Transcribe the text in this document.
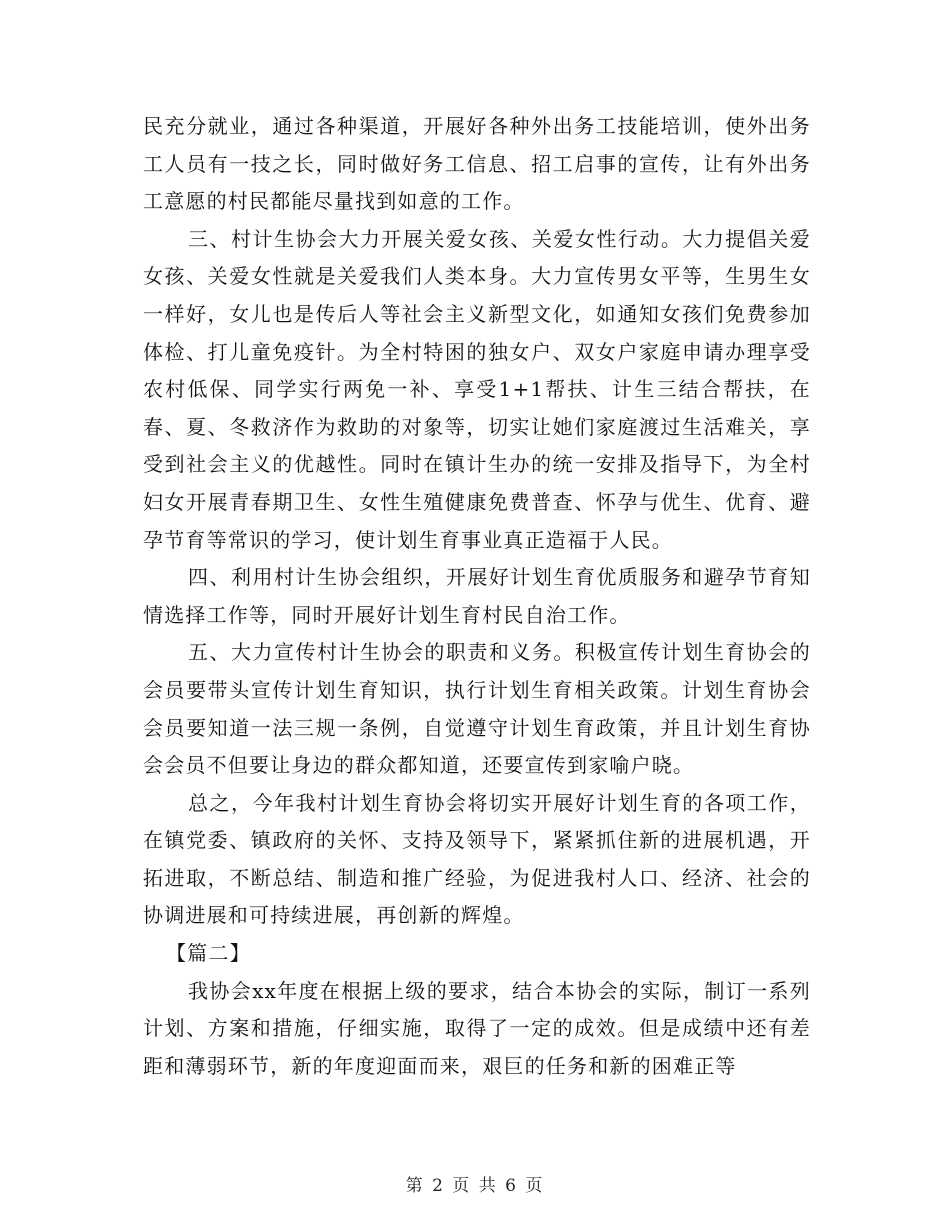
民充分就业，通过各种渠道，开展好各种外出务工技能培训，使外出务工人员有一技之长，同时做好务工信息、招工启事的宣传，让有外出务工意愿的村民都能尽量找到如意的工作。

三、村计生协会大力开展关爱女孩、关爱女性行动。大力提倡关爱女孩、关爱女性就是关爱我们人类本身。大力宣传男女平等，生男生女一样好，女儿也是传后人等社会主义新型文化，如通知女孩们免费参加体检、打儿童免疫针。为全村特困的独女户、双女户家庭申请办理享受农村低保、同学实行两免一补、享受1+1帮扶、计生三结合帮扶，在春、夏、冬救济作为救助的对象等，切实让她们家庭渡过生活难关，享受到社会主义的优越性。同时在镇计生办的统一安排及指导下，为全村妇女开展青春期卫生、女性生殖健康免费普查、怀孕与优生、优育、避孕节育等常识的学习，使计划生育事业真正造福于人民。

四、利用村计生协会组织，开展好计划生育优质服务和避孕节育知情选择工作等，同时开展好计划生育村民自治工作。

五、大力宣传村计生协会的职责和义务。积极宣传计划生育协会的会员要带头宣传计划生育知识，执行计划生育相关政策。计划生育协会会员要知道一法三规一条例，自觉遵守计划生育政策，并且计划生育协会会员不但要让身边的群众都知道，还要宣传到家喻户晓。

总之，今年我村计划生育协会将切实开展好计划生育的各项工作，在镇党委、镇政府的关怀、支持及领导下，紧紧抓住新的进展机遇，开拓进取，不断总结、制造和推广经验，为促进我村人口、经济、社会的协调进展和可持续进展，再创新的辉煌。

【篇二】

我协会xx年度在根据上级的要求，结合本协会的实际，制订一系列计划、方案和措施，仔细实施，取得了一定的成效。但是成绩中还有差距和薄弱环节，新的年度迎面而来，艰巨的任务和新的困难正等

第 2 页 共 6 页
